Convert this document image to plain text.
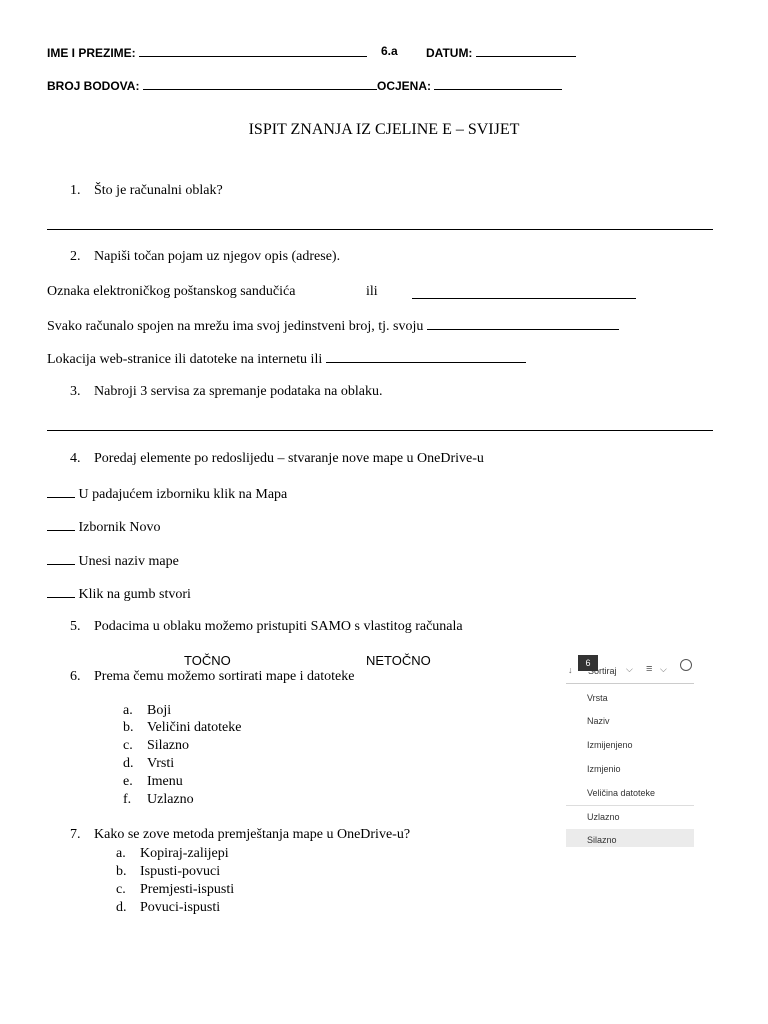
IME I PREZIME:	6.a DATUM:
BROJ BODOVA:	OCJENA:
ISPIT ZNANJA IZ CJELINE E – SVIJET
1. Što je računalni oblak?
2. Napiši točan pojam uz njegov opis (adrese).
Oznaka elektroničkog poštanskog sandučića	ili
Svako računalo spojen na mrežu ima svoj jedinstveni broj, tj. svoju
Lokacija web-stranice ili datoteke na internetu ili
3. Nabroji 3 servisa za spremanje podataka na oblaku.
4. Poredaj elemente po redoslijedu – stvaranje nove mape u OneDrive-u
U padajućem izborniku klik na Mapa
Izbornik Novo
Unesi naziv mape
Klik na gumb stvori
5. Podacima u oblaku možemo pristupiti SAMO s vlastitog računala
TOČNO	NETOČNO
6. Prema čemu možemo sortirati mape i datoteke
a. Boji
b. Veličini datoteke
c. Silazno
d. Vrsti
e. Imenu
f. Uzlazno
6
↓ Sortiraj ⌵ ≡ ⌵
Vrsta
Naziv
Izmijenjeno
Izmjenio
Veličina datoteke
Uzlazno
Silazno
7. Kako se zove metoda premještanja mape u OneDrive-u?
a. Kopiraj-zalijepi
b. Ispusti-povuci
c. Premjesti-ispusti
d. Povuci-ispusti
